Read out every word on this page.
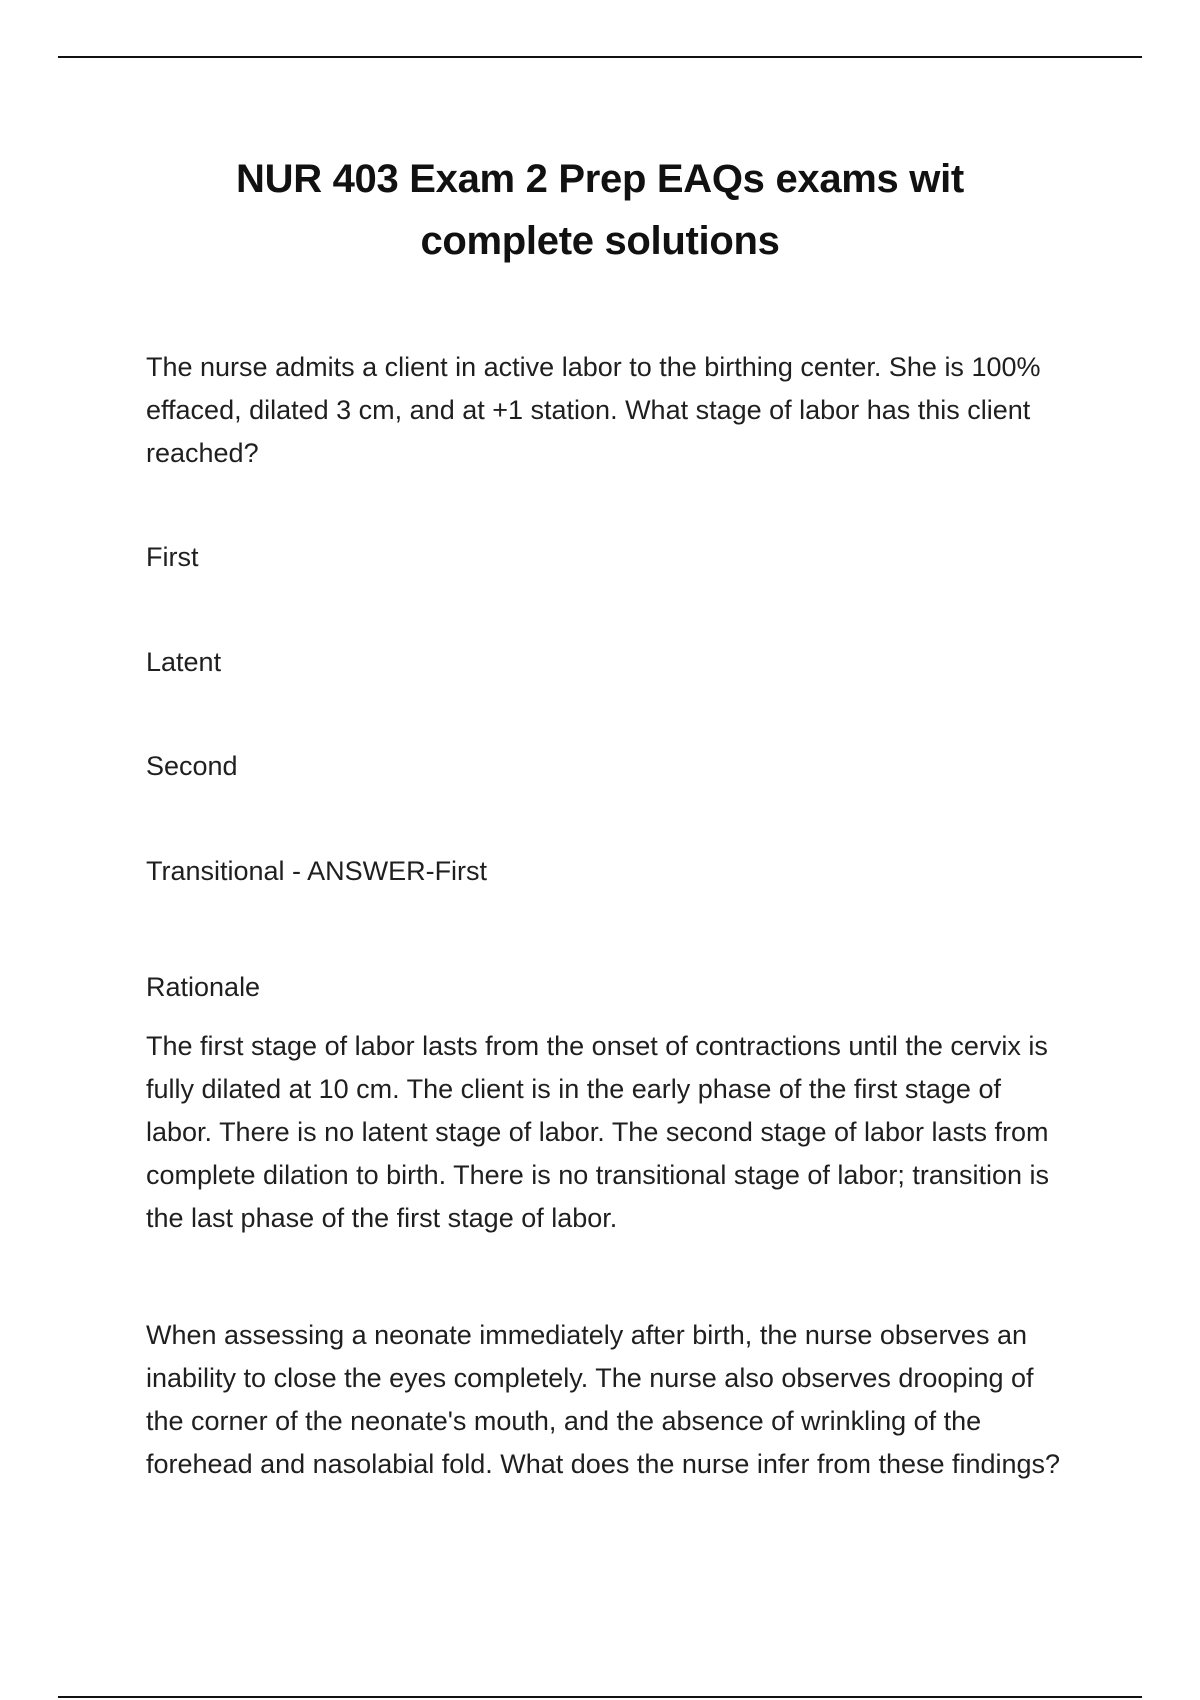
NUR 403 Exam 2 Prep EAQs exams wit complete solutions

The nurse admits a client in active labor to the birthing center. She is 100% effaced, dilated 3 cm, and at +1 station. What stage of labor has this client reached?

First

Latent

Second

Transitional - ANSWER-First

Rationale

The first stage of labor lasts from the onset of contractions until the cervix is fully dilated at 10 cm. The client is in the early phase of the first stage of labor. There is no latent stage of labor. The second stage of labor lasts from complete dilation to birth. There is no transitional stage of labor; transition is the last phase of the first stage of labor.

When assessing a neonate immediately after birth, the nurse observes an inability to close the eyes completely. The nurse also observes drooping of the corner of the neonate's mouth, and the absence of wrinkling of the forehead and nasolabial fold. What does the nurse infer from these findings?
